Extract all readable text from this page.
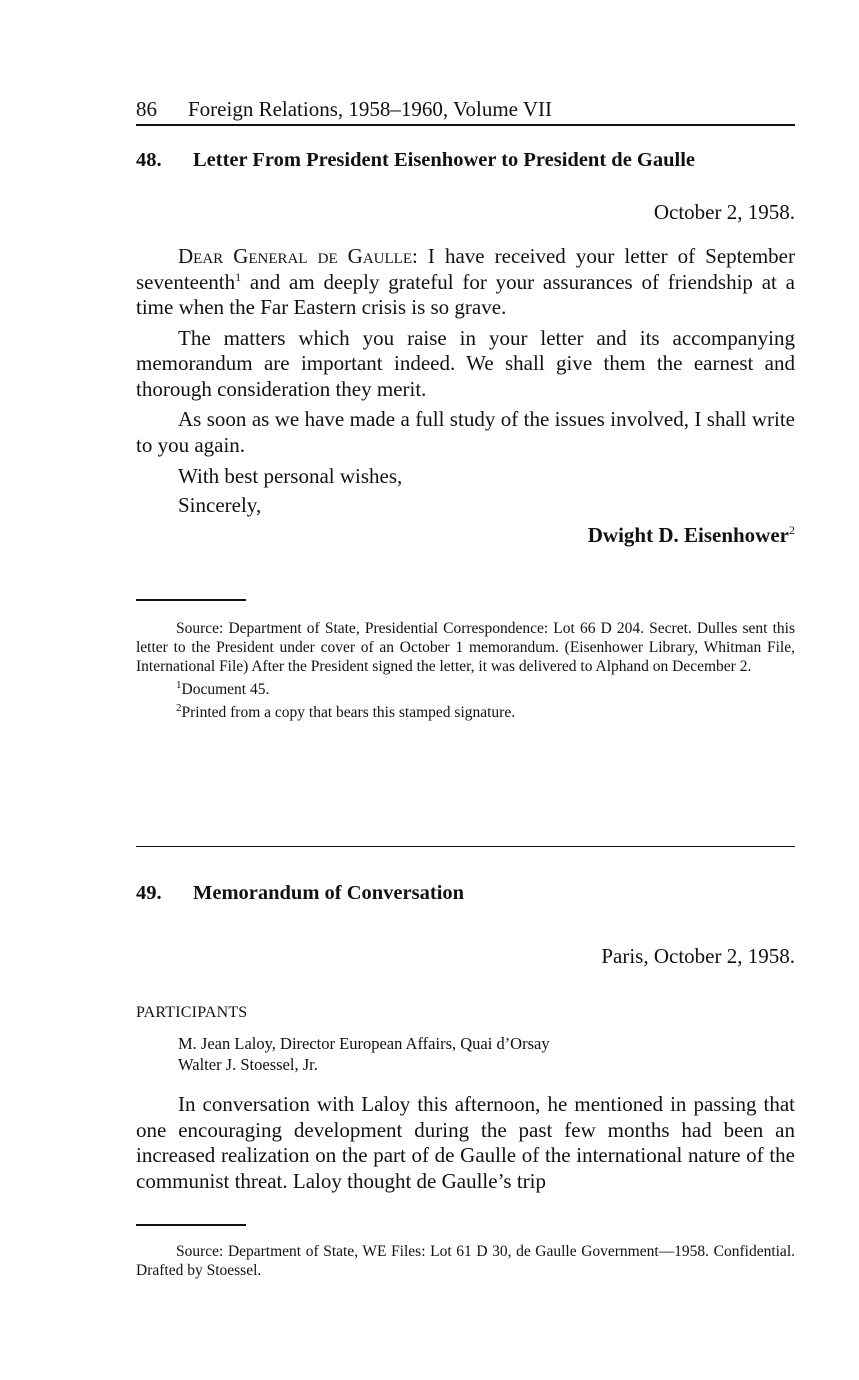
86 Foreign Relations, 1958–1960, Volume VII
48. Letter From President Eisenhower to President de Gaulle
October 2, 1958.

Dear General de Gaulle: I have received your letter of September seventeenth$^1$ and am deeply grateful for your assurances of friendship at a time when the Far Eastern crisis is so grave.

The matters which you raise in your letter and its accompanying memorandum are important indeed. We shall give them the earnest and thorough consideration they merit.

As soon as we have made a full study of the issues involved, I shall write to you again.

With best personal wishes,
Sincerely,
Dwight D. Eisenhower$^2$

Source: Department of State, Presidential Correspondence: Lot 66 D 204. Secret. Dulles sent this letter to the President under cover of an October 1 memorandum. (Eisenhower Library, Whitman File, International File) After the President signed the letter, it was delivered to Alphand on December 2.

$^1$Document 45.

$^2$Printed from a copy that bears this stamped signature.

49. Memorandum of Conversation
Paris, October 2, 1958.
PARTICIPANTS
M. Jean Laloy, Director European Affairs, Quai d’Orsay
Walter J. Stoessel, Jr.

In conversation with Laloy this afternoon, he mentioned in passing that one encouraging development during the past few months had been an increased realization on the part of de Gaulle of the international nature of the communist threat. Laloy thought de Gaulle’s trip

Source: Department of State, WE Files: Lot 61 D 30, de Gaulle Government—1958. Confidential. Drafted by Stoessel.
